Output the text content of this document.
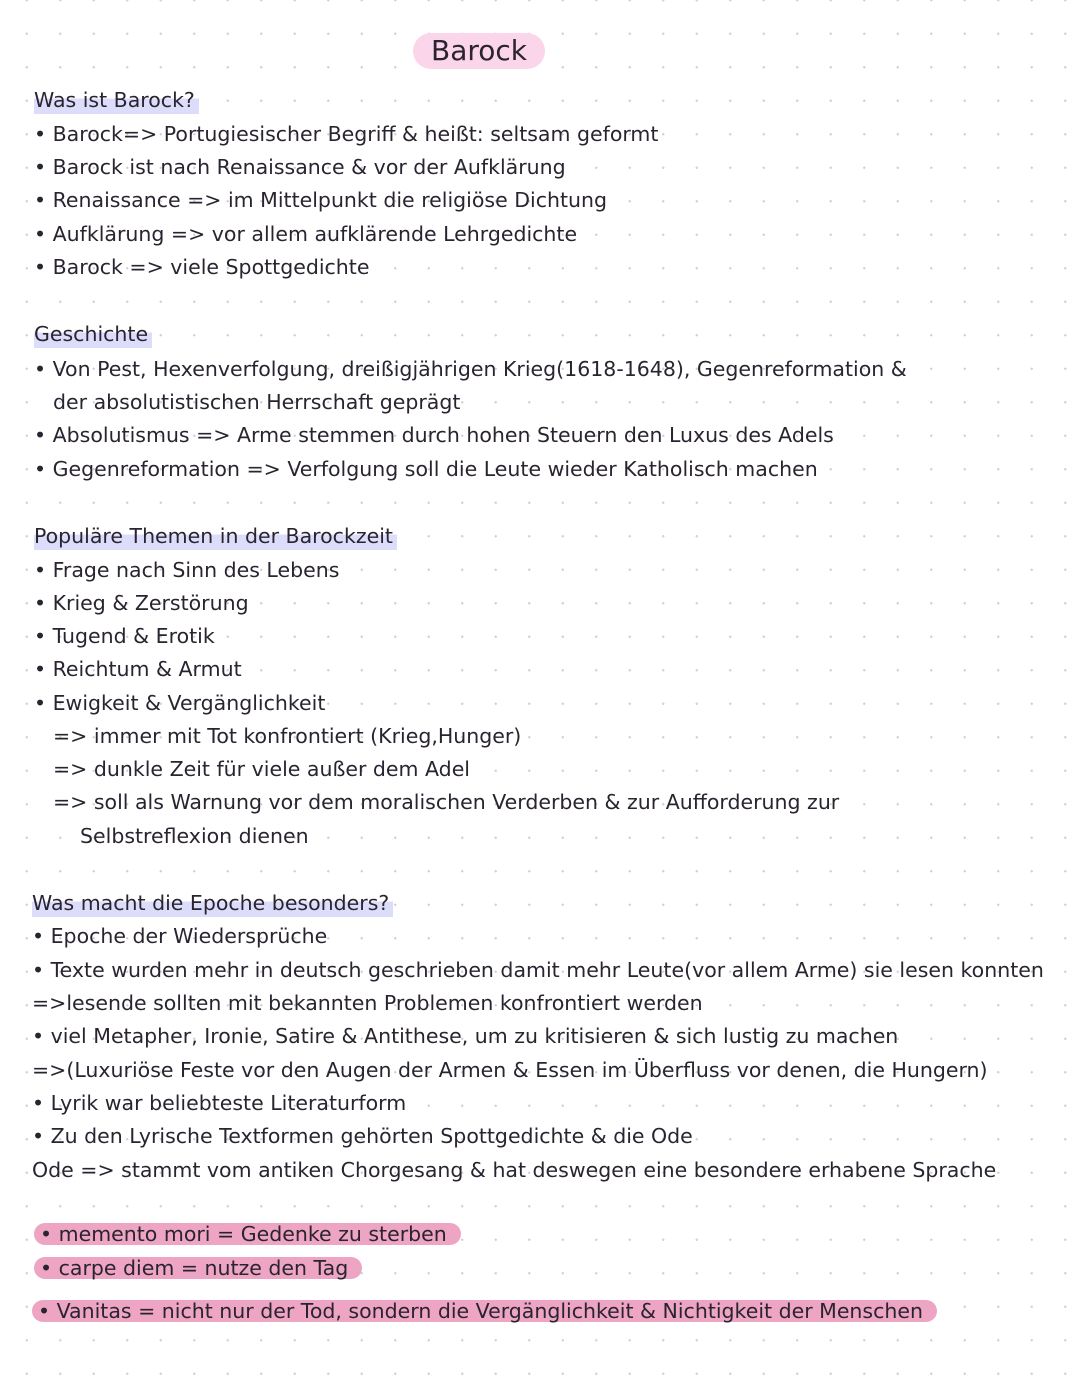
Barock
Was ist Barock?
• Barock=> Portugiesischer Begriff & heißt: seltsam geformt
• Barock ist nach Renaissance & vor der Aufklärung
• Renaissance => im Mittelpunkt die religiöse Dichtung
• Aufklärung => vor allem aufklärende Lehrgedichte
• Barock => viele Spottgedichte
Geschichte
• Von Pest, Hexenverfolgung, dreißigjährigen Krieg(1618-1648), Gegenreformation &
der absolutistischen Herrschaft geprägt
• Absolutismus => Arme stemmen durch hohen Steuern den Luxus des Adels
• Gegenreformation => Verfolgung soll die Leute wieder Katholisch machen
Populäre Themen in der Barockzeit
• Frage nach Sinn des Lebens
• Krieg & Zerstörung
• Tugend & Erotik
• Reichtum & Armut
• Ewigkeit & Vergänglichkeit
=> immer mit Tot konfrontiert (Krieg,Hunger)
=> dunkle Zeit für viele außer dem Adel
=> soll als Warnung vor dem moralischen Verderben & zur Aufforderung zur
Selbstreflexion dienen
Was macht die Epoche besonders?
• Epoche der Wiedersprüche
• Texte wurden mehr in deutsch geschrieben damit mehr Leute(vor allem Arme) sie lesen konnten
=>lesende sollten mit bekannten Problemen konfrontiert werden
• viel Metapher, Ironie, Satire & Antithese, um zu kritisieren & sich lustig zu machen
=>(Luxuriöse Feste vor den Augen der Armen & Essen im Überfluss vor denen, die Hungern)
• Lyrik war beliebteste Literaturform
• Zu den Lyrische Textformen gehörten Spottgedichte & die Ode
Ode => stammt vom antiken Chorgesang & hat deswegen eine besondere erhabene Sprache
• memento mori = Gedenke zu sterben
• carpe diem = nutze den Tag
• Vanitas = nicht nur der Tod, sondern die Vergänglichkeit & Nichtigkeit der Menschen
